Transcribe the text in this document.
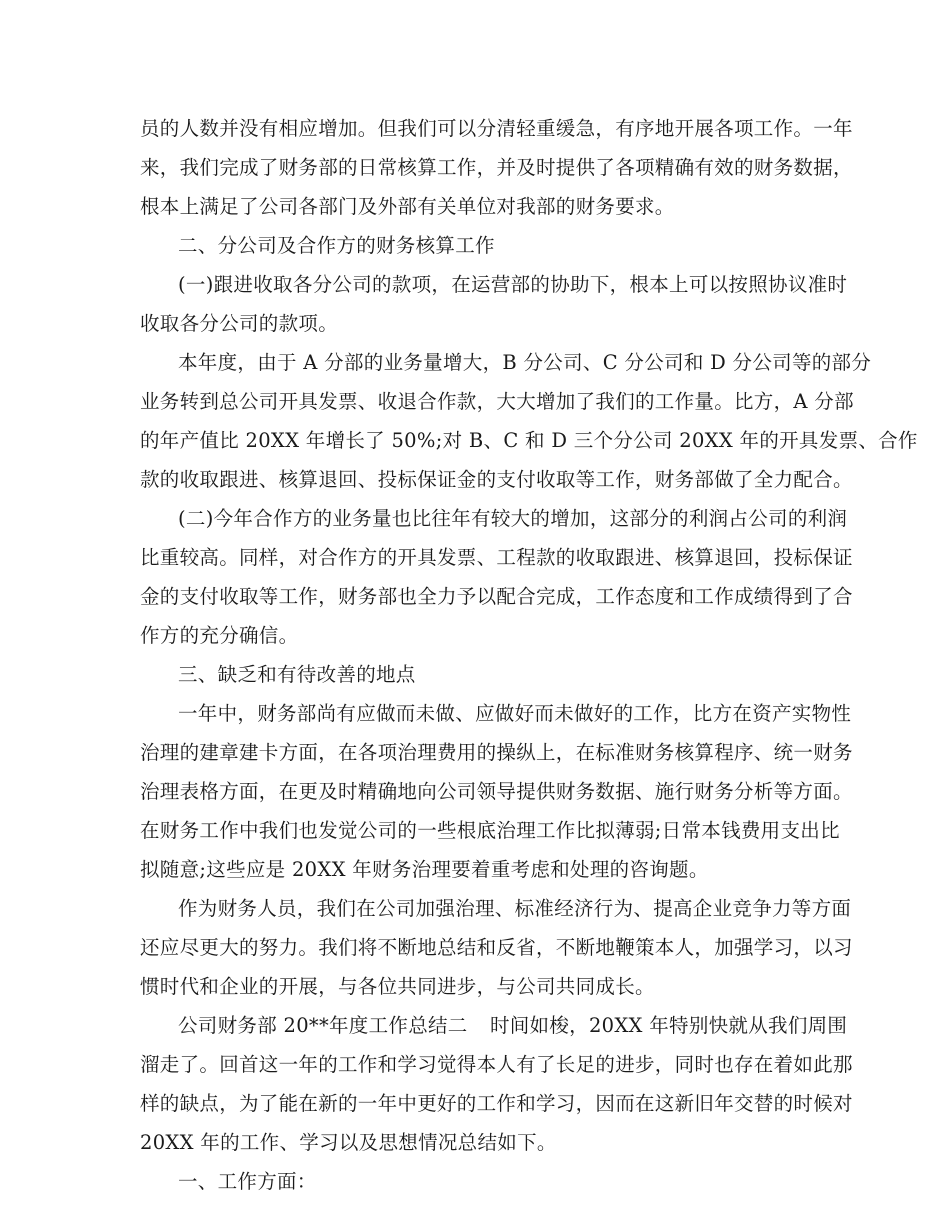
员的人数并没有相应增加。但我们可以分清轻重缓急，有序地开展各项工作。一年
来，我们完成了财务部的日常核算工作，并及时提供了各项精确有效的财务数据，
根本上满足了公司各部门及外部有关单位对我部的财务要求。
二、分公司及合作方的财务核算工作
(一)跟进收取各分公司的款项，在运营部的协助下，根本上可以按照协议准时
收取各分公司的款项。
本年度，由于 A 分部的业务量增大，B 分公司、C 分公司和 D 分公司等的部分
业务转到总公司开具发票、收退合作款，大大增加了我们的工作量。比方，A 分部
的年产值比 20XX 年增长了 50%;对 B、C 和 D 三个分公司 20XX 年的开具发票、合作
款的收取跟进、核算退回、投标保证金的支付收取等工作，财务部做了全力配合。
(二)今年合作方的业务量也比往年有较大的增加，这部分的利润占公司的利润
比重较高。同样，对合作方的开具发票、工程款的收取跟进、核算退回，投标保证
金的支付收取等工作，财务部也全力予以配合完成，工作态度和工作成绩得到了合
作方的充分确信。
三、缺乏和有待改善的地点
一年中，财务部尚有应做而未做、应做好而未做好的工作，比方在资产实物性
治理的建章建卡方面，在各项治理费用的操纵上，在标准财务核算程序、统一财务
治理表格方面，在更及时精确地向公司领导提供财务数据、施行财务分析等方面。
在财务工作中我们也发觉公司的一些根底治理工作比拟薄弱;日常本钱费用支出比
拟随意;这些应是 20XX 年财务治理要着重考虑和处理的咨询题。
作为财务人员，我们在公司加强治理、标准经济行为、提高企业竞争力等方面
还应尽更大的努力。我们将不断地总结和反省，不断地鞭策本人，加强学习，以习
惯时代和企业的开展，与各位共同进步，与公司共同成长。
公司财务部 20**年度工作总结二	时间如梭，20XX 年特别快就从我们周围
溜走了。回首这一年的工作和学习觉得本人有了长足的进步，同时也存在着如此那
样的缺点，为了能在新的一年中更好的工作和学习，因而在这新旧年交替的时候对
20XX 年的工作、学习以及思想情况总结如下。
一、工作方面：
